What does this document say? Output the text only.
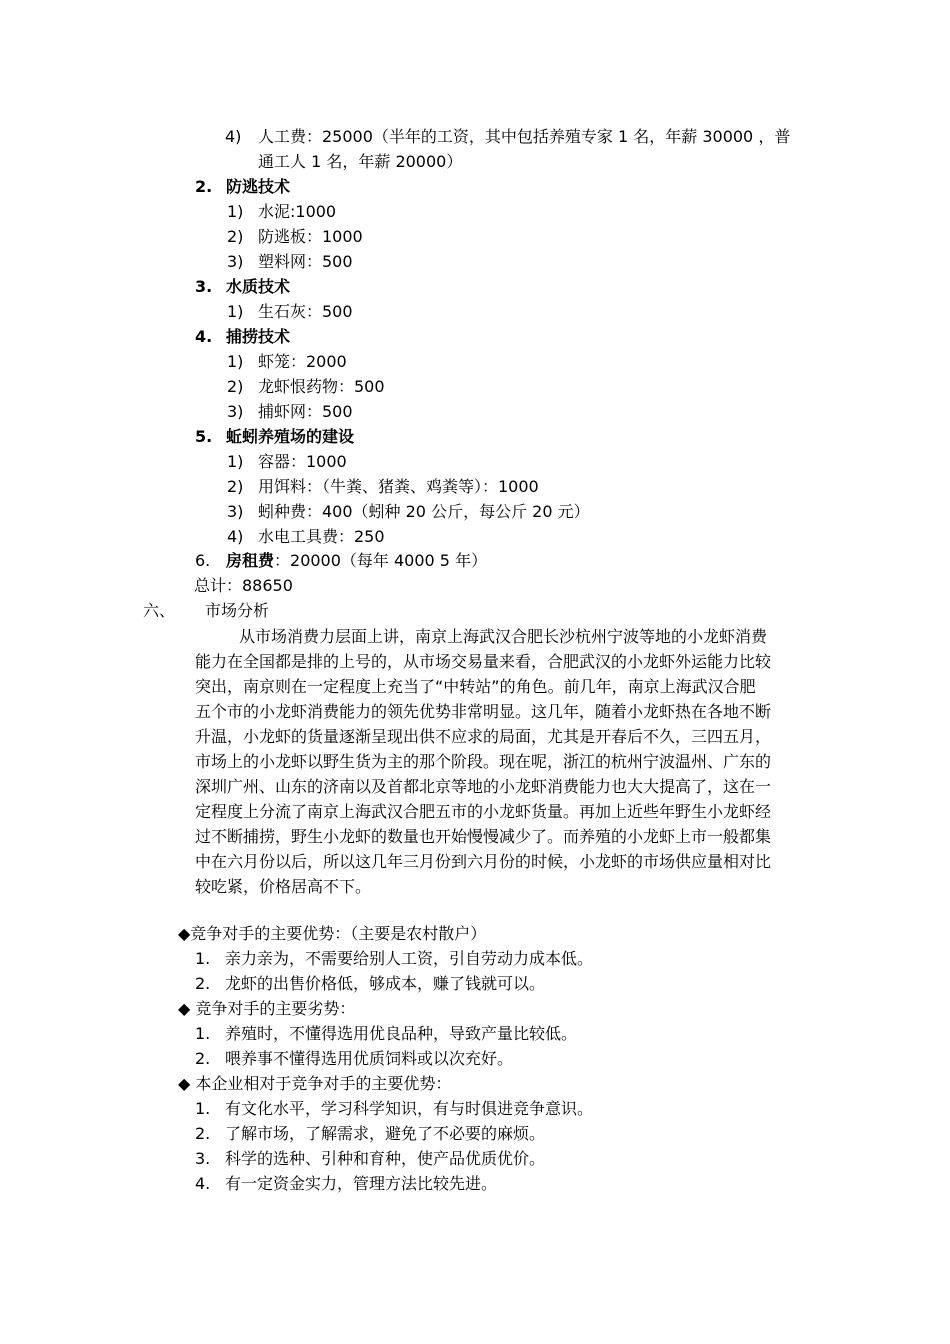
4) 人工费：25000（半年的工资，其中包括养殖专家 1 名，年薪 30000 ，普
通工人 1 名，年薪 20000）
2. 防逃技术
1) 水泥:1000
2) 防逃板：1000
3) 塑料网：500
3. 水质技术
1) 生石灰：500
4. 捕捞技术
1) 虾笼：2000
2) 龙虾恨药物：500
3) 捕虾网：500
5. 蚯蚓养殖场的建设
1) 容器：1000
2) 用饵料：（牛粪、猪粪、鸡粪等）：1000
3) 蚓种费：400（蚓种 20 公斤，每公斤 20 元）
4) 水电工具费：250
6. 房租费：20000（每年 4000 5 年）
总计：88650
六、 市场分析
从市场消费力层面上讲，南京上海武汉合肥长沙杭州宁波等地的小龙虾消费
能力在全国都是排的上号的，从市场交易量来看，合肥武汉的小龙虾外运能力比较
突出，南京则在一定程度上充当了“中转站”的角色。前几年，南京上海武汉合肥
五个市的小龙虾消费能力的领先优势非常明显。这几年，随着小龙虾热在各地不断
升温，小龙虾的货量逐渐呈现出供不应求的局面，尤其是开春后不久，三四五月，
市场上的小龙虾以野生货为主的那个阶段。现在呢，浙江的杭州宁波温州、广东的
深圳广州、山东的济南以及首都北京等地的小龙虾消费能力也大大提高了，这在一
定程度上分流了南京上海武汉合肥五市的小龙虾货量。再加上近些年野生小龙虾经
过不断捕捞，野生小龙虾的数量也开始慢慢减少了。而养殖的小龙虾上市一般都集
中在六月份以后，所以这几年三月份到六月份的时候，小龙虾的市场供应量相对比
较吃紧，价格居高不下。
◆竞争对手的主要优势：（主要是农村散户）
1. 亲力亲为，不需要给别人工资，引自劳动力成本低。
2. 龙虾的出售价格低，够成本，赚了钱就可以。
◆ 竞争对手的主要劣势：
1. 养殖时，不懂得选用优良品种，导致产量比较低。
2. 喂养事不懂得选用优质饲料或以次充好。
◆ 本企业相对于竞争对手的主要优势：
1. 有文化水平，学习科学知识，有与时俱进竞争意识。
2. 了解市场，了解需求，避免了不必要的麻烦。
3. 科学的选种、引种和育种，使产品优质优价。
4. 有一定资金实力，管理方法比较先进。
